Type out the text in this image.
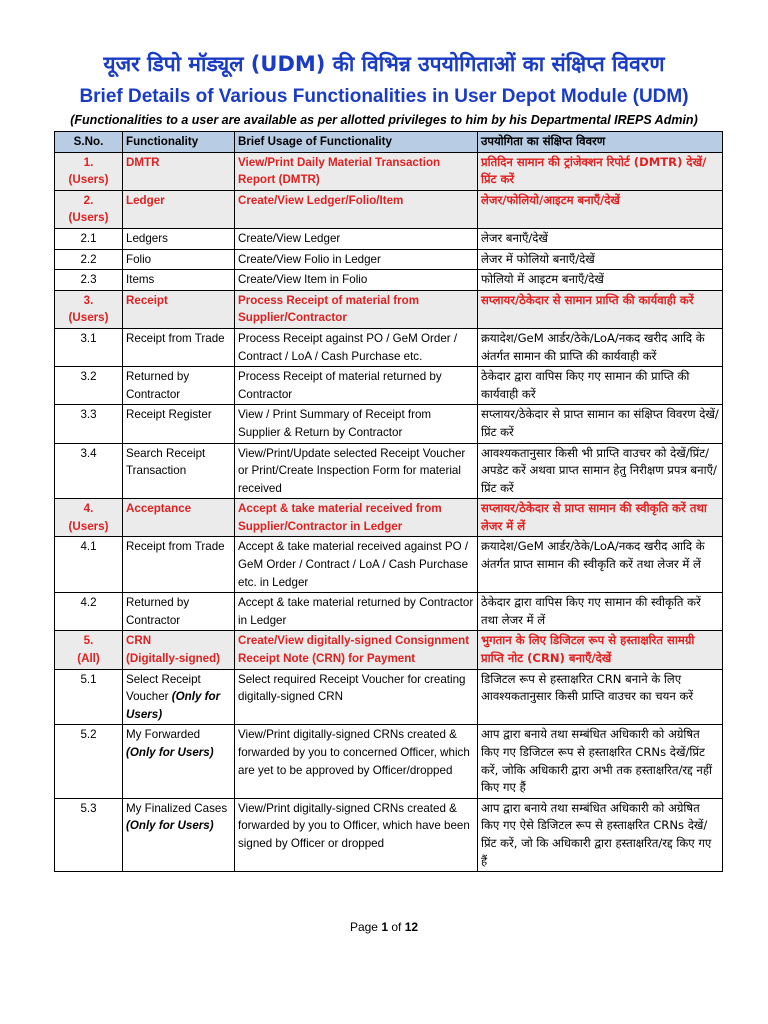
यूजर डिपो मॉड्यूल (UDM) की विभिन्न उपयोगिताओं का संक्षिप्त विवरण
Brief Details of Various Functionalities in User Depot Module (UDM)
(Functionalities to a user are available as per allotted privileges to him by his Departmental IREPS Admin)
S.No.	Functionality	Brief Usage of Functionality	उपयोगिता का संक्षिप्त विवरण
1.
(Users)	DMTR	View/Print Daily Material Transaction Report (DMTR)	प्रतिदिन सामान की ट्रांजेक्शन रिपोर्ट (DMTR) देखें/प्रिंट करें
2.
(Users)	Ledger	Create/View Ledger/Folio/Item	लेजर/फोलियो/आइटम बनाएँ/देखें
2.1	Ledgers	Create/View Ledger	लेजर बनाएँ/देखें
2.2	Folio	Create/View Folio in Ledger	लेजर में फोलियो बनाएँ/देखें
2.3	Items	Create/View Item in Folio	फोलियो में आइटम बनाएँ/देखें
3.
(Users)	Receipt	Process Receipt of material from Supplier/Contractor	सप्लायर/ठेकेदार से सामान प्राप्ति की कार्यवाही करें
3.1	Receipt from Trade	Process Receipt against PO / GeM Order / Contract / LoA / Cash Purchase etc.	क्रयादेश/GeM आर्डर/ठेके/LoA/नकद खरीद आदि के अंतर्गत सामान की प्राप्ति की कार्यवाही करें
3.2	Returned by Contractor	Process Receipt of material returned by Contractor	ठेकेदार द्वारा वापिस किए गए सामान की प्राप्ति की कार्यवाही करें
3.3	Receipt Register	View / Print Summary of Receipt from Supplier & Return by Contractor	सप्लायर/ठेकेदार से प्राप्त सामान का संक्षिप्त विवरण देखें/प्रिंट करें
3.4	Search Receipt Transaction	View/Print/Update selected Receipt Voucher or Print/Create Inspection Form for material received	आवश्यकतानुसार किसी भी प्राप्ति वाउचर को देखें/प्रिंट/अपडेट करें अथवा प्राप्त सामान हेतु निरीक्षण प्रपत्र बनाएँ/प्रिंट करें
4.
(Users)	Acceptance	Accept & take material received from Supplier/Contractor in Ledger	सप्लायर/ठेकेदार से प्राप्त सामान की स्वीकृति करें तथा लेजर में लें
4.1	Receipt from Trade	Accept & take material received against PO / GeM Order / Contract / LoA / Cash Purchase etc. in Ledger	क्रयादेश/GeM आर्डर/ठेके/LoA/नकद खरीद आदि के अंतर्गत प्राप्त सामान की स्वीकृति करें तथा लेजर में लें
4.2	Returned by Contractor	Accept & take material returned by Contractor in Ledger	ठेकेदार द्वारा वापिस किए गए सामान की स्वीकृति करें तथा लेजर में लें
5.
(All)	CRN
(Digitally-signed)	Create/View digitally-signed Consignment Receipt Note (CRN) for Payment	भुगतान के लिए डिजिटल रूप से हस्ताक्षरित सामग्री प्राप्ति नोट (CRN) बनाएँ/देखें
5.1	Select Receipt Voucher (Only for Users)	Select required Receipt Voucher for creating digitally-signed CRN	डिजिटल रूप से हस्ताक्षरित CRN बनाने के लिए आवश्यकतानुसार किसी प्राप्ति वाउचर का चयन करें
5.2	My Forwarded (Only for Users)	View/Print digitally-signed CRNs created & forwarded by you to concerned Officer, which are yet to be approved by Officer/dropped	आप द्वारा बनाये तथा सम्बंधित अधिकारी को अग्रेषित किए गए डिजिटल रूप से हस्ताक्षरित CRNs देखें/प्रिंट करें, जोकि अधिकारी द्वारा अभी तक हस्ताक्षरित/रद्द नहीं किए गए हैं
5.3	My Finalized Cases (Only for Users)	View/Print digitally-signed CRNs created & forwarded by you to Officer, which have been signed by Officer or dropped	आप द्वारा बनाये तथा सम्बंधित अधिकारी को अग्रेषित किए गए ऐसे डिजिटल रूप से हस्ताक्षरित CRNs देखें/प्रिंट करें, जो कि अधिकारी द्वारा हस्ताक्षरित/रद्द किए गए हैं
Page 1 of 12
